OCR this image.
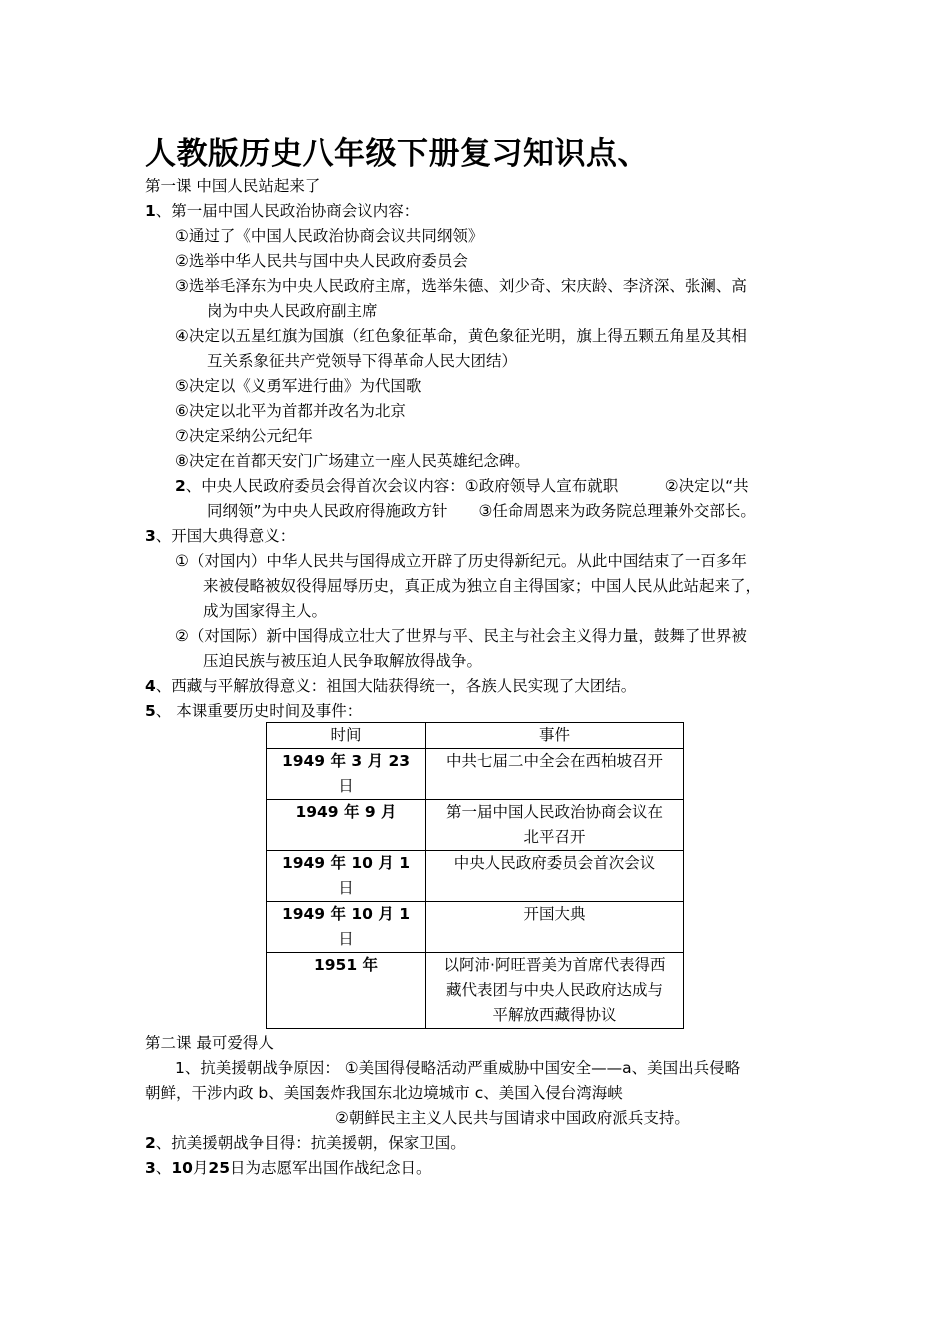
人教版历史八年级下册复习知识点、
第一课 中国人民站起来了
1、第一届中国人民政治协商会议内容：
①通过了《中国人民政治协商会议共同纲领》
②选举中华人民共与国中央人民政府委员会
③选举毛泽东为中央人民政府主席，选举朱德、刘少奇、宋庆龄、李济深、张澜、高
岗为中央人民政府副主席
④决定以五星红旗为国旗（红色象征革命，黄色象征光明，旗上得五颗五角星及其相
互关系象征共产党领导下得革命人民大团结）
⑤决定以《义勇军进行曲》为代国歌
⑥决定以北平为首都并改名为北京
⑦决定采纳公元纪年
⑧决定在首都天安门广场建立一座人民英雄纪念碑。
2、中央人民政府委员会得首次会议内容：①政府领导人宣布就职　　　②决定以“共
同纲领”为中央人民政府得施政方针　　③任命周恩来为政务院总理兼外交部长。
3、开国大典得意义：
①（对国内）中华人民共与国得成立开辟了历史得新纪元。从此中国结束了一百多年
来被侵略被奴役得屈辱历史，真正成为独立自主得国家；中国人民从此站起来了，
成为国家得主人。
②（对国际）新中国得成立壮大了世界与平、民主与社会主义得力量，鼓舞了世界被
压迫民族与被压迫人民争取解放得战争。
4、西藏与平解放得意义：祖国大陆获得统一，各族人民实现了大团结。
5、 本课重要历史时间及事件：
时间	事件

1949 年 3 月 23
日	中共七届二中全会在西柏坡召开

1949 年 9 月	第一届中国人民政治协商会议在
北平召开

1949 年 10 月 1
日	中央人民政府委员会首次会议

1949 年 10 月 1
日	开国大典

1951 年	以阿沛·阿旺晋美为首席代表得西
藏代表团与中央人民政府达成与
平解放西藏得协议
第二课 最可爱得人
1、抗美援朝战争原因： ①美国得侵略活动严重威胁中国安全——a、美国出兵侵略
朝鲜，干涉内政 b、美国轰炸我国东北边境城市 c、美国入侵台湾海峡
②朝鲜民主主义人民共与国请求中国政府派兵支持。
2、抗美援朝战争目得：抗美援朝，保家卫国。
3、10月25日为志愿军出国作战纪念日。
